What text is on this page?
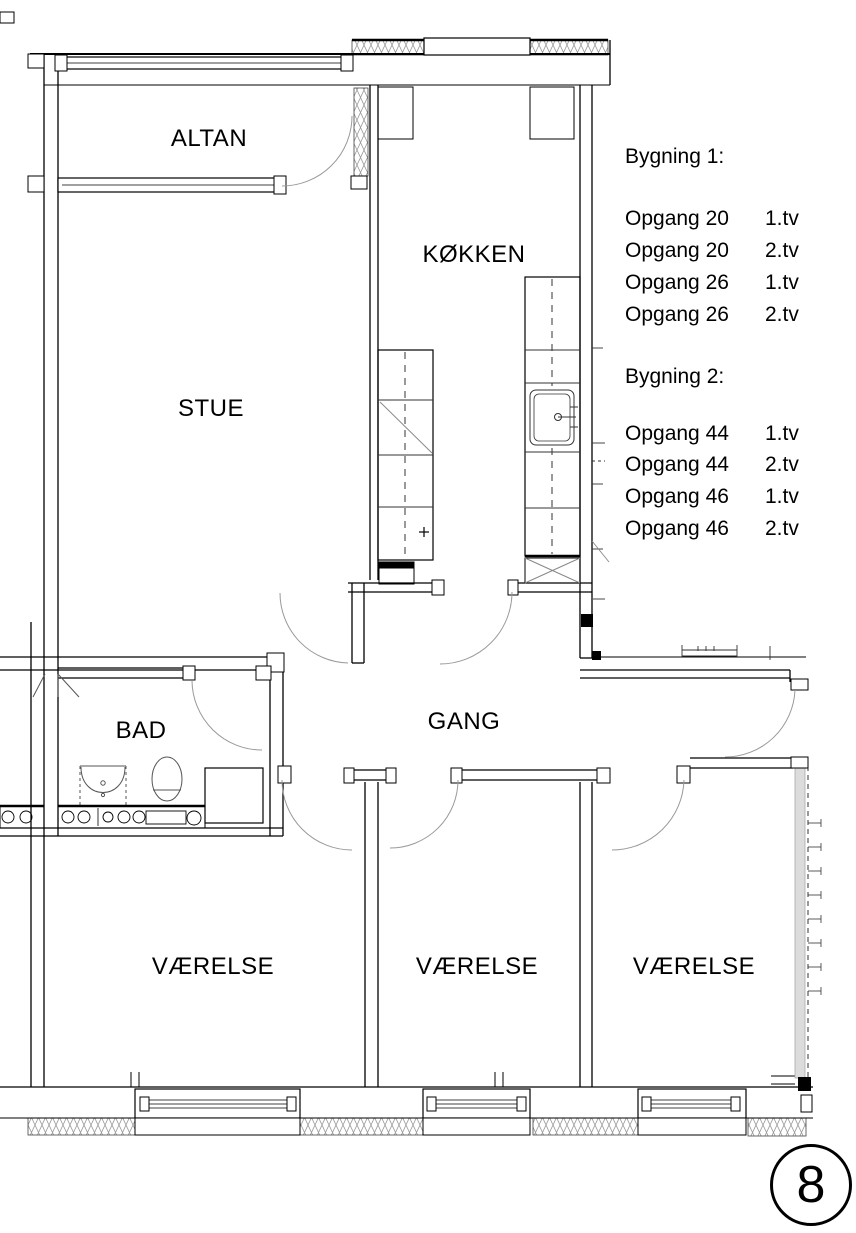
ALTAN
STUE
KØKKEN
BAD	GANG
VÆRELSE	VÆRELSE	VÆRELSE
Bygning 1:
Opgang 20	1.tv
Opgang 20	2.tv
Opgang 26	1.tv
Opgang 26	2.tv
Bygning 2:
Opgang 44	1.tv
Opgang 44	2.tv
Opgang 46	1.tv
Opgang 46	2.tv
8
